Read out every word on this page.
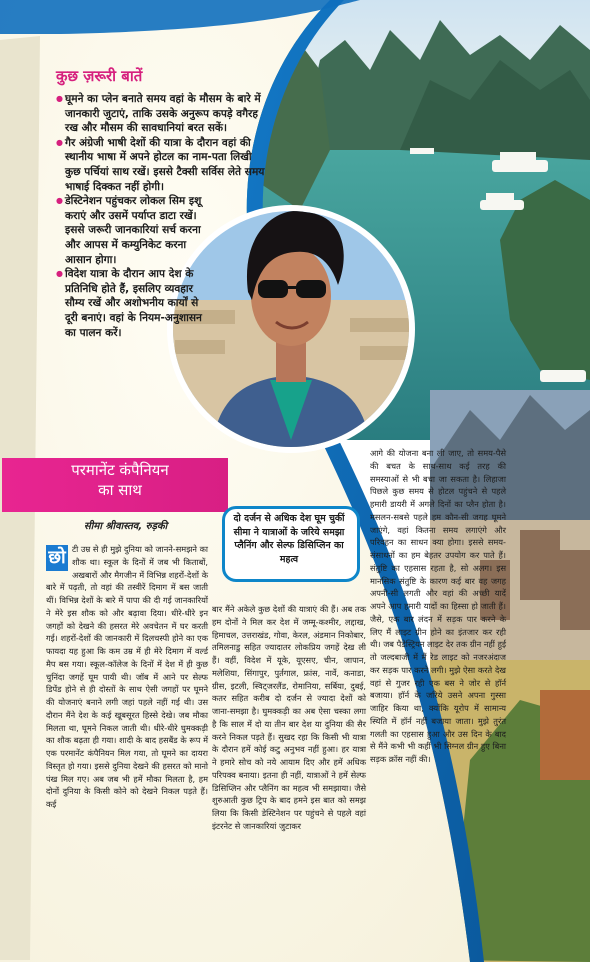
कुछ ज़रूरी बातें
● घूमने का प्लेन बनाते समय वहां के मौसम के बारे में जानकारी जुटाएं, ताकि उसके अनुरूप कपड़े वगैरह रख और मौसम की सावधानियां बरत सकें।
● गैर अंग्रेजी भाषी देशों की यात्रा के दौरान वहां की स्थानीय भाषा में अपने होटल का नाम-पता लिखी कुछ पर्चियां साथ रखें। इससे टैक्सी सर्विस लेते समय भाषाई दिक्कत नहीं होगी।
● डेस्टिनेशन पहुंचकर लोकल सिम इशू कराएं और उसमें पर्याप्त डाटा रखें। इससे जरूरी जानकारियां सर्च करना और आपस में कम्युनिकेट करना आसान होगा।
● विदेश यात्रा के दौरान आप देश के प्रतिनिधि होते हैं, इसलिए व्यवहार सौम्य रखें और अशोभनीय कार्यों से दूरी बनाएं। वहां के नियम-अनुशासन का पालन करें।
परमानेंट कंपैनियन
का साथ
सीमा श्रीवास्तव, रुड़की
छो टी उम्र से ही मुझे दुनिया को जानने-समझने का शौक था। स्कूल के दिनों में जब भी किताबों, अखबारों और मैगजीन में विभिन्न शहरों-देशों के बारे में पढ़ती, तो वहां की तस्वीरें दिमाग में बस जाती थीं। विभिन्न देशों के बारे में पापा की दी गई जानकारियों ने मेरे इस शौक को और बढ़ावा दिया। धीरे-धीरे इन जगहों को देखने की हसरत मेरे अवचेतन में घर करती गई। शहरों-देशों की जानकारी में दिलचस्पी होने का एक फायदा यह हुआ कि कम उम्र में ही मेरे दिमाग में वर्ल्ड मैप बस गया। स्कूल-कॉलेज के दिनों में देश में ही कुछ चुनिंदा जगहें घूम पायी थी। जॉब में आने पर सेल्फ डिपेंड होने से ही दोस्तों के साथ ऐसी जगहों पर घूमने की योजनाएं बनाने लगी जहां पहले नहीं गई थी। उस दौरान मैंने देश के कई खूबसूरत हिस्से देखे। जब मौका मिलता था, घूमने निकल जाती थी। धीरे-धीरे घुमक्कड़ी का शौक बढ़ता ही गया। शादी के बाद हसबैंड के रूप में एक परमानेंट कंपैनियन मिल गया, तो घूमने का दायरा विस्तृत हो गया। इससे दुनिया देखने की हसरत को मानो पंख मिल गए। अब जब भी हमें मौका मिलता है, हम दोनों दुनिया के किसी कोने को देखने निकल पड़ते हैं। कई
दो दर्जन से अधिक देश घूम चुकीं सीमा ने यात्राओं के जरिये समझा प्लैनिंग और सेल्फ डिसिप्लिन का महत्व
बार मैंने अकेले कुछ देशों की यात्राएं की हैं। अब तक हम दोनों ने मिल कर देश में जम्मू-कश्मीर, लद्दाख, हिमाचल, उत्तराखंड, गोवा, केरल, अंडमान निकोबार, तमिलनाडु सहित ज्यादातर लोकप्रिय जगहें देख ली हैं। वहीं, विदेश में यूके, यूएसए, चीन, जापान, मलेशिया, सिंगापुर, पुर्तगाल, फ्रांस, नार्वे, कनाडा, ग्रीस, इटली, स्विट्जरलैंड, रोमानिया, सर्बिया, दुबई, कतर सहित करीब दो दर्जन से ज्यादा देशों को जाना-समझा है। घुमक्कड़ी का अब ऐसा चस्का लगा है कि साल में दो या तीन बार देश या दुनिया की सैर करने निकल पड़ते हैं। सुखद रहा कि किसी भी यात्रा के दौरान हमें कोई कटु अनुभव नहीं हुआ। हर यात्रा ने हमारे सोच को नये आयाम दिए और हमें अधिक परिपक्व बनाया। इतना ही नहीं, यात्राओं ने हमें सेल्फ डिसिप्लिन और प्लैनिंग का महत्व भी समझाया। जैसे शुरुआती कुछ ट्रिप के बाद हमने इस बात को समझ लिया कि किसी डेस्टिनेशन पर पहुंचने से पहले वहां इंटरनेट से जानकारियां जुटाकर
आगे की योजना बना ली जाए, तो समय-पैसे की बचत के साथ-साथ कई तरह की समस्याओं से भी बचा जा सकता है। लिहाजा पिछले कुछ समय से होटल पहुंचने से पहले हमारी डायरी में अगले दिनों का प्लैन होता है। मसलन-सबसे पहले हम कौन-सी जगह घूमने जाएंगे, वहां कितना समय लगाएंगे और परिवहन का साधन क्या होगा। इससे समय-संसाधनों का हम बेहतर उपयोग कर पाते हैं। संतुष्टि का एहसास रहता है, सो अलग। इस मानसिक संतुष्टि के कारण कई बार वह जगह अपनी-सी लगती और वहां की अच्छी यादें अपने आप हमारी यादों का हिस्सा हो जाती हैं। जैसे, एक बार लंदन में सड़क पार करने के लिए मैं लाइट ग्रीन होने का इंतजार कर रही थी। जब पैडेस्ट्रियन लाइट देर तक ग्रीन नहीं हुई तो जल्दबाजी में मैं रेड लाइट को नजरअंदाज कर सड़क पार करने लगी। मुझे ऐसा करते देख वहां से गुजर रही एक बस ने जोर से हॉर्न बजाया। हॉर्न के जरिये उसने अपना गुस्सा जाहिर किया था, क्योंकि यूरोप में सामान्य स्थिति में हॉर्न नहीं बजाया जाता। मुझे तुरंत गलती का एहसास हुआ और उस दिन के बाद से मैंने कभी भी कहीं भी सिग्नल ग्रीन हुए बिना सड़क क्रॉस नहीं की।
